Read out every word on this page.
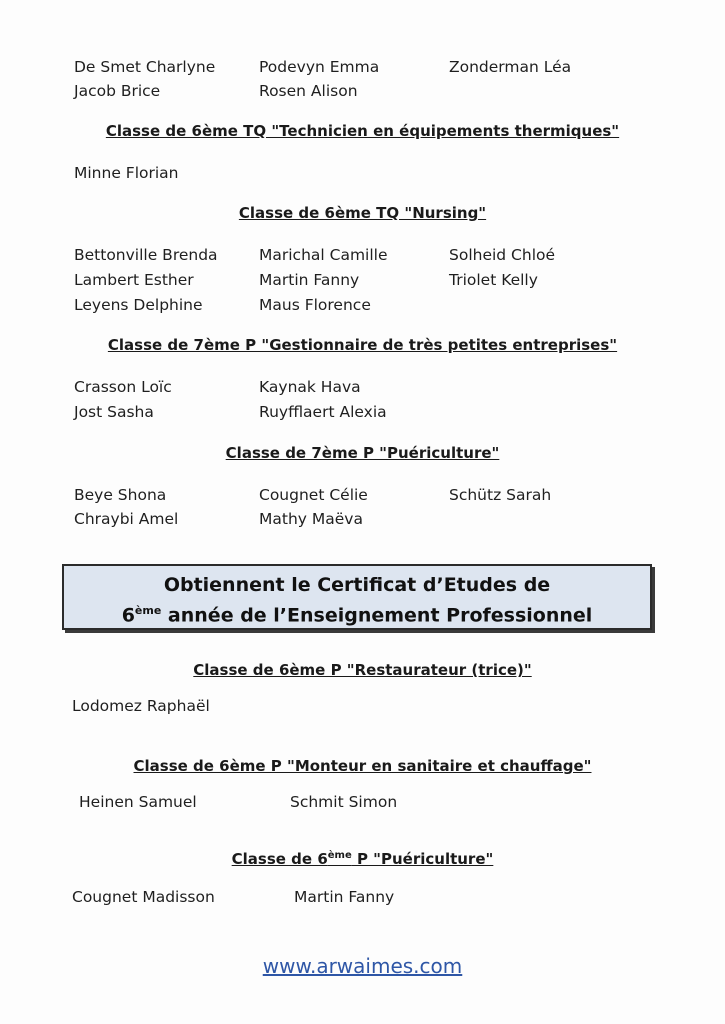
De Smet Charlyne
Jacob Brice
Podevyn Emma
Rosen Alison
Zonderman Léa
Classe de 6ème TQ "Technicien en équipements thermiques"
Minne Florian
Classe de 6ème TQ "Nursing"
Bettonville Brenda
Lambert Esther
Leyens Delphine
Marichal Camille
Martin Fanny
Maus Florence
Solheid Chloé
Triolet Kelly
Classe de 7ème P "Gestionnaire de très petites entreprises"
Crasson Loïc
Jost Sasha
Kaynak Hava
Ruyfflaert Alexia
Classe de 7ème P "Puériculture"
Beye Shona
Chraybi Amel
Cougnet Célie
Mathy Maëva
Schütz Sarah
Obtiennent le Certificat d’Etudes de
6ème année de l’Enseignement Professionnel
Classe de 6ème P "Restaurateur (trice)"
Lodomez Raphaël
Classe de 6ème P "Monteur en sanitaire et chauffage"
Heinen Samuel	Schmit Simon
Classe de 6ème P "Puériculture"
Cougnet Madisson	Martin Fanny
www.arwaimes.com
